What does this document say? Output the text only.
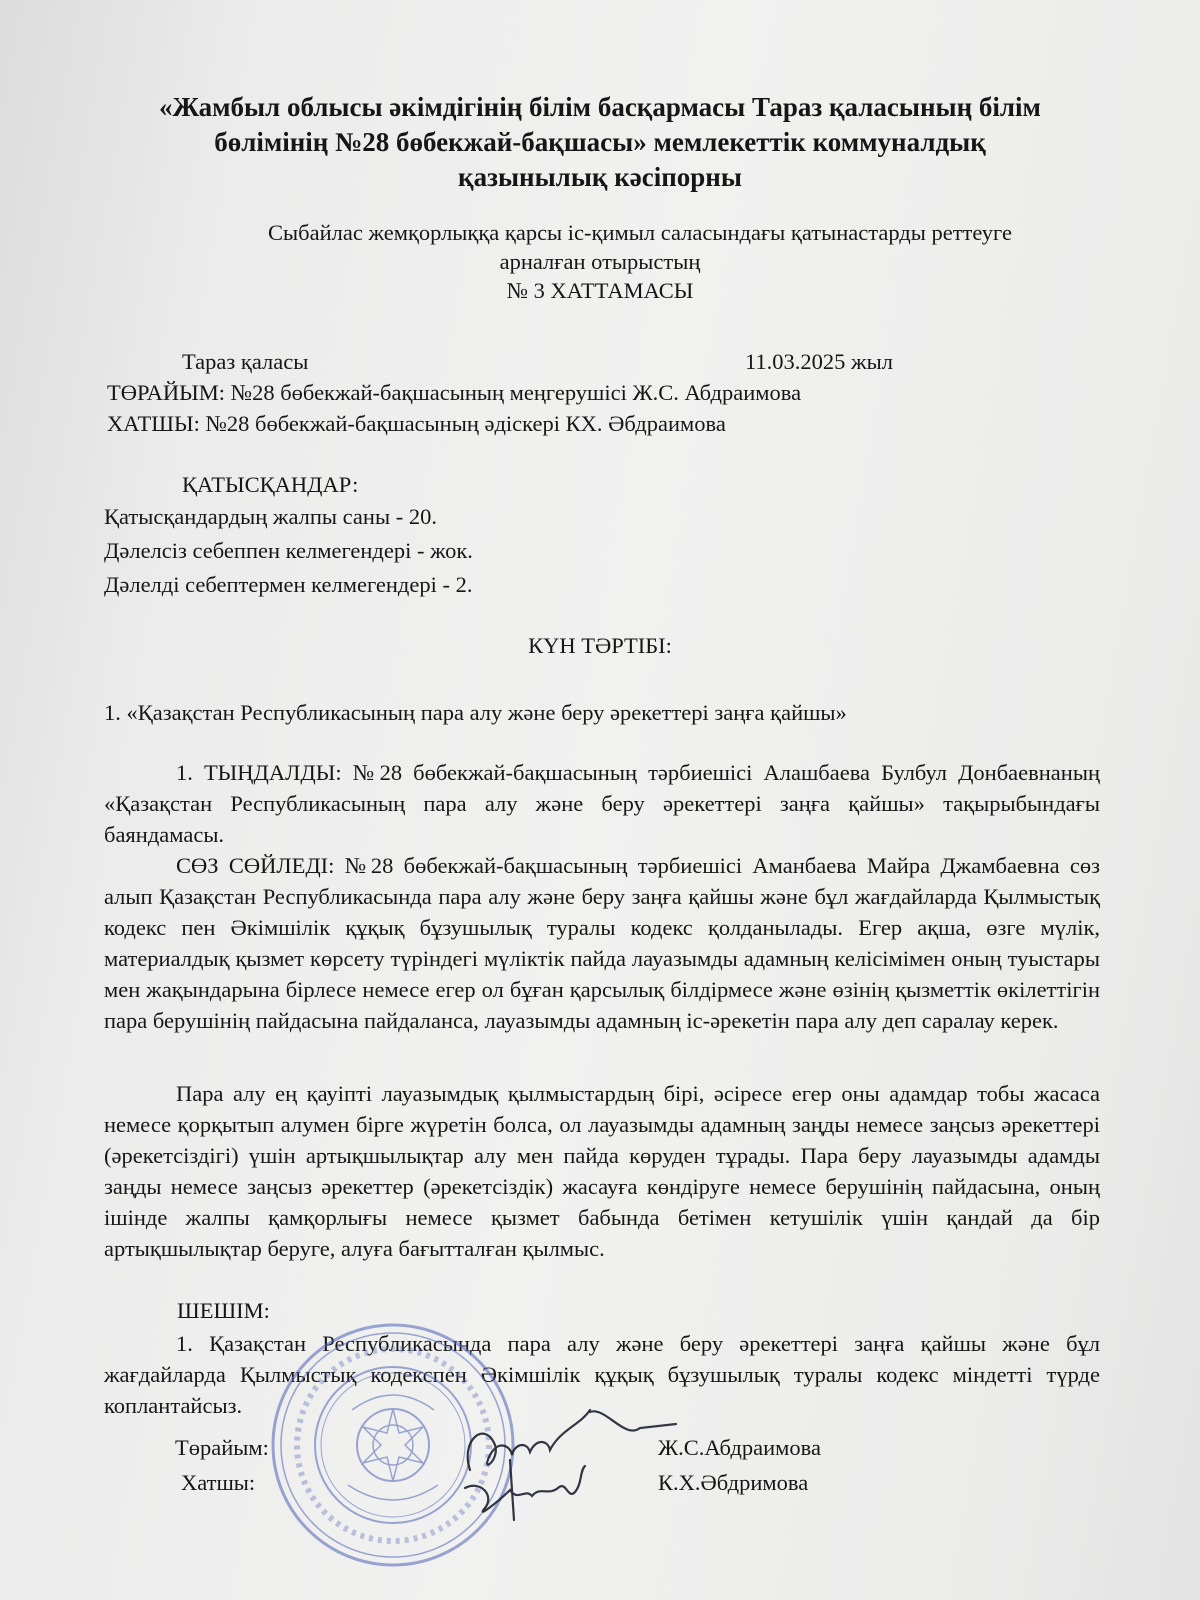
«Жамбыл облысы әкімдігінің білім басқармасы Тараз қаласының білім
бөлімінің №28 бөбекжай-бақшасы» мемлекеттік коммуналдық
қазынылық кәсіпорны
Сыбайлас жемқорлыққа қарсы іс-қимыл саласындағы қатынастарды реттеуге
арналған отырыстың
№ 3 ХАТТАМАСЫ
Тараз қаласы	11.03.2025 жыл
ТӨРАЙЫМ: №28 бөбекжай-бақшасының меңгерушісі Ж.С. Абдраимова
ХАТШЫ: №28 бөбекжай-бақшасының әдіскері КХ. Әбдраимова
ҚАТЫСҚАНДАР:
Қатысқандардың жалпы саны - 20.
Дәлелсіз себеппен келмегендері - жок.
Дәлелді себептермен келмегендері - 2.
КҮН ТӘРТІБІ:
1. «Қазақстан Республикасының пара алу және беру әрекеттері заңға қайшы»
1. ТЫҢДАЛДЫ: №28 бөбекжай-бақшасының тәрбиешісі Алашбаева Булбул Донбаевнаның «Қазақстан Республикасының пара алу және беру әрекеттері заңға қайшы» тақырыбындағы баяндамасы.
СӨЗ СӨЙЛЕДІ: №28 бөбекжай-бақшасының тәрбиешісі Аманбаева Майра Джамбаевна сөз алып Қазақстан Республикасында пара алу және беру заңға қайшы және бұл жағдайларда Қылмыстық кодекс пен Әкімшілік құқық бұзушылық туралы кодекс қолданылады. Егер ақша, өзге мүлік, материалдық қызмет көрсету түріндегі мүліктік пайда лауазымды адамның келісімімен оның туыстары мен жақындарына бірлесе немесе егер ол бұған қарсылық білдірмесе және өзінің қызметтік өкілеттігін пара берушінің пайдасына пайдаланса, лауазымды адамның іс-әрекетін пара алу деп саралау керек.
Пара алу ең қауіпті лауазымдық қылмыстардың бірі, әсіресе егер оны адамдар тобы жасаса немесе қорқытып алумен бірге жүретін болса, ол лауазымды адамның заңды немесе заңсыз әрекеттері (әрекетсіздігі) үшін артықшылықтар алу мен пайда көруден тұрады. Пара беру лауазымды адамды заңды немесе заңсыз әрекеттер (әрекетсіздік) жасауға көндіруге немесе берушінің пайдасына, оның ішінде жалпы қамқорлығы немесе қызмет бабында бетімен кетушілік үшін қандай да бір артықшылықтар беруге, алуға бағытталған қылмыс.
ШЕШІМ:
1. Қазақстан Республикасында пара алу және беру әрекеттері заңға қайшы және бұл жағдайларда Қылмыстық кодекспен Әкімшілік құқық бұзушылық туралы кодекс міндетті түрде коплантайсыз.
Төрайым:	Ж.С.Абдраимова
Хатшы:	К.Х.Әбдримова
